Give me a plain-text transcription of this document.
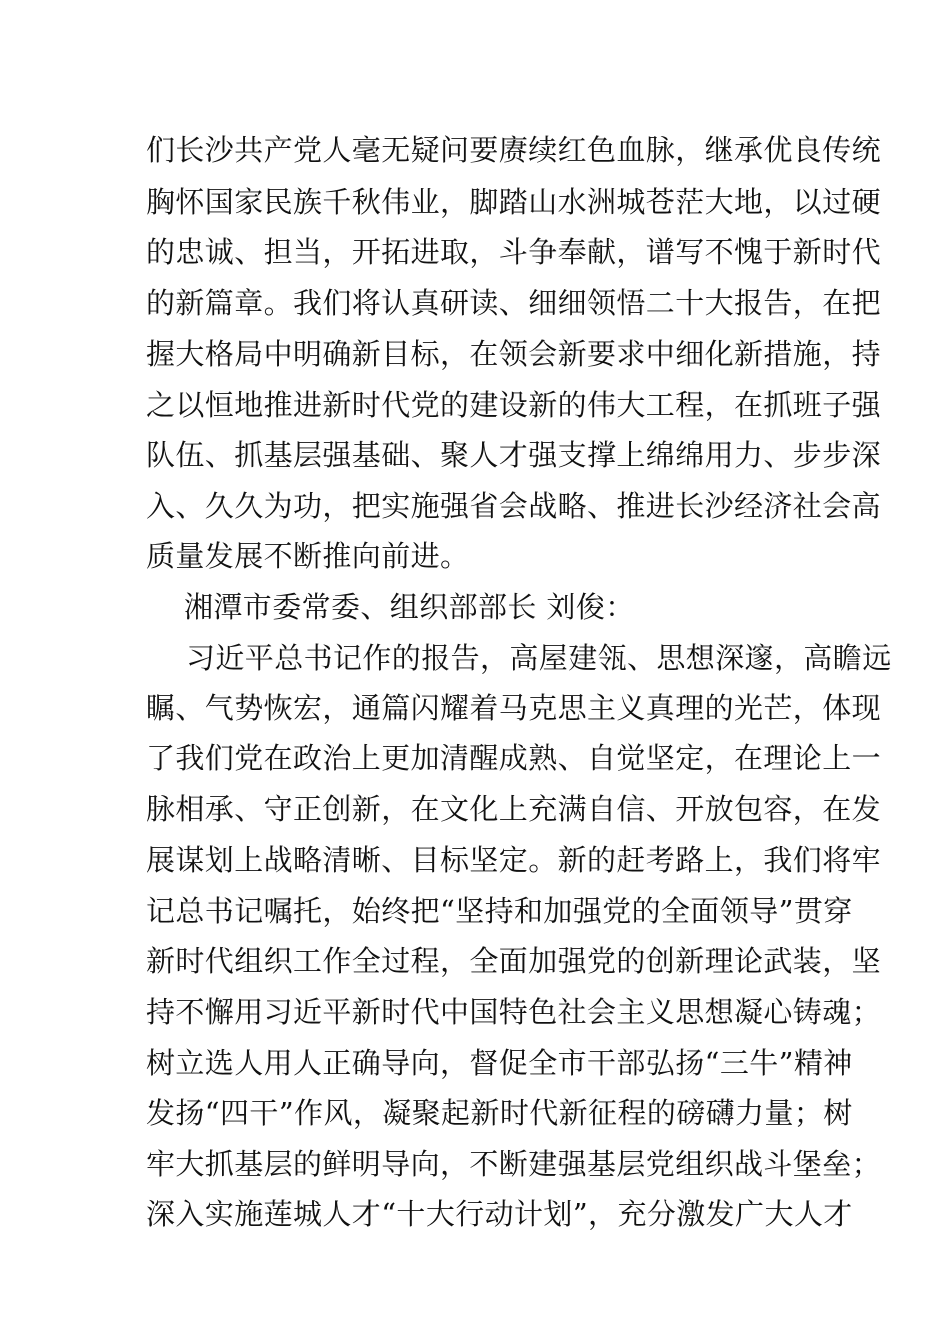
们长沙共产党人毫无疑问要赓续红色血脉，继承优良传统
胸怀国家民族千秋伟业，脚踏山水洲城苍茫大地，以过硬
的忠诚、担当，开拓进取，斗争奉献，谱写不愧于新时代
的新篇章。我们将认真研读、细细领悟二十大报告，在把
握大格局中明确新目标，在领会新要求中细化新措施，持
之以恒地推进新时代党的建设新的伟大工程，在抓班子强
队伍、抓基层强基础、聚人才强支撑上绵绵用力、步步深
入、久久为功，把实施强省会战略、推进长沙经济社会高
质量发展不断推向前进。
湘潭市委常委、组织部部长 刘俊：
习近平总书记作的报告，高屋建瓴、思想深邃，高瞻远
瞩、气势恢宏，通篇闪耀着马克思主义真理的光芒，体现
了我们党在政治上更加清醒成熟、自觉坚定，在理论上一
脉相承、守正创新，在文化上充满自信、开放包容，在发
展谋划上战略清晰、目标坚定。新的赶考路上，我们将牢
记总书记嘱托，始终把“坚持和加强党的全面领导”贯穿
新时代组织工作全过程，全面加强党的创新理论武装，坚
持不懈用习近平新时代中国特色社会主义思想凝心铸魂；
树立选人用人正确导向，督促全市干部弘扬“三牛”精神
发扬“四干”作风，凝聚起新时代新征程的磅礴力量；树
牢大抓基层的鲜明导向，不断建强基层党组织战斗堡垒；
深入实施莲城人才“十大行动计划”，充分激发广大人才
